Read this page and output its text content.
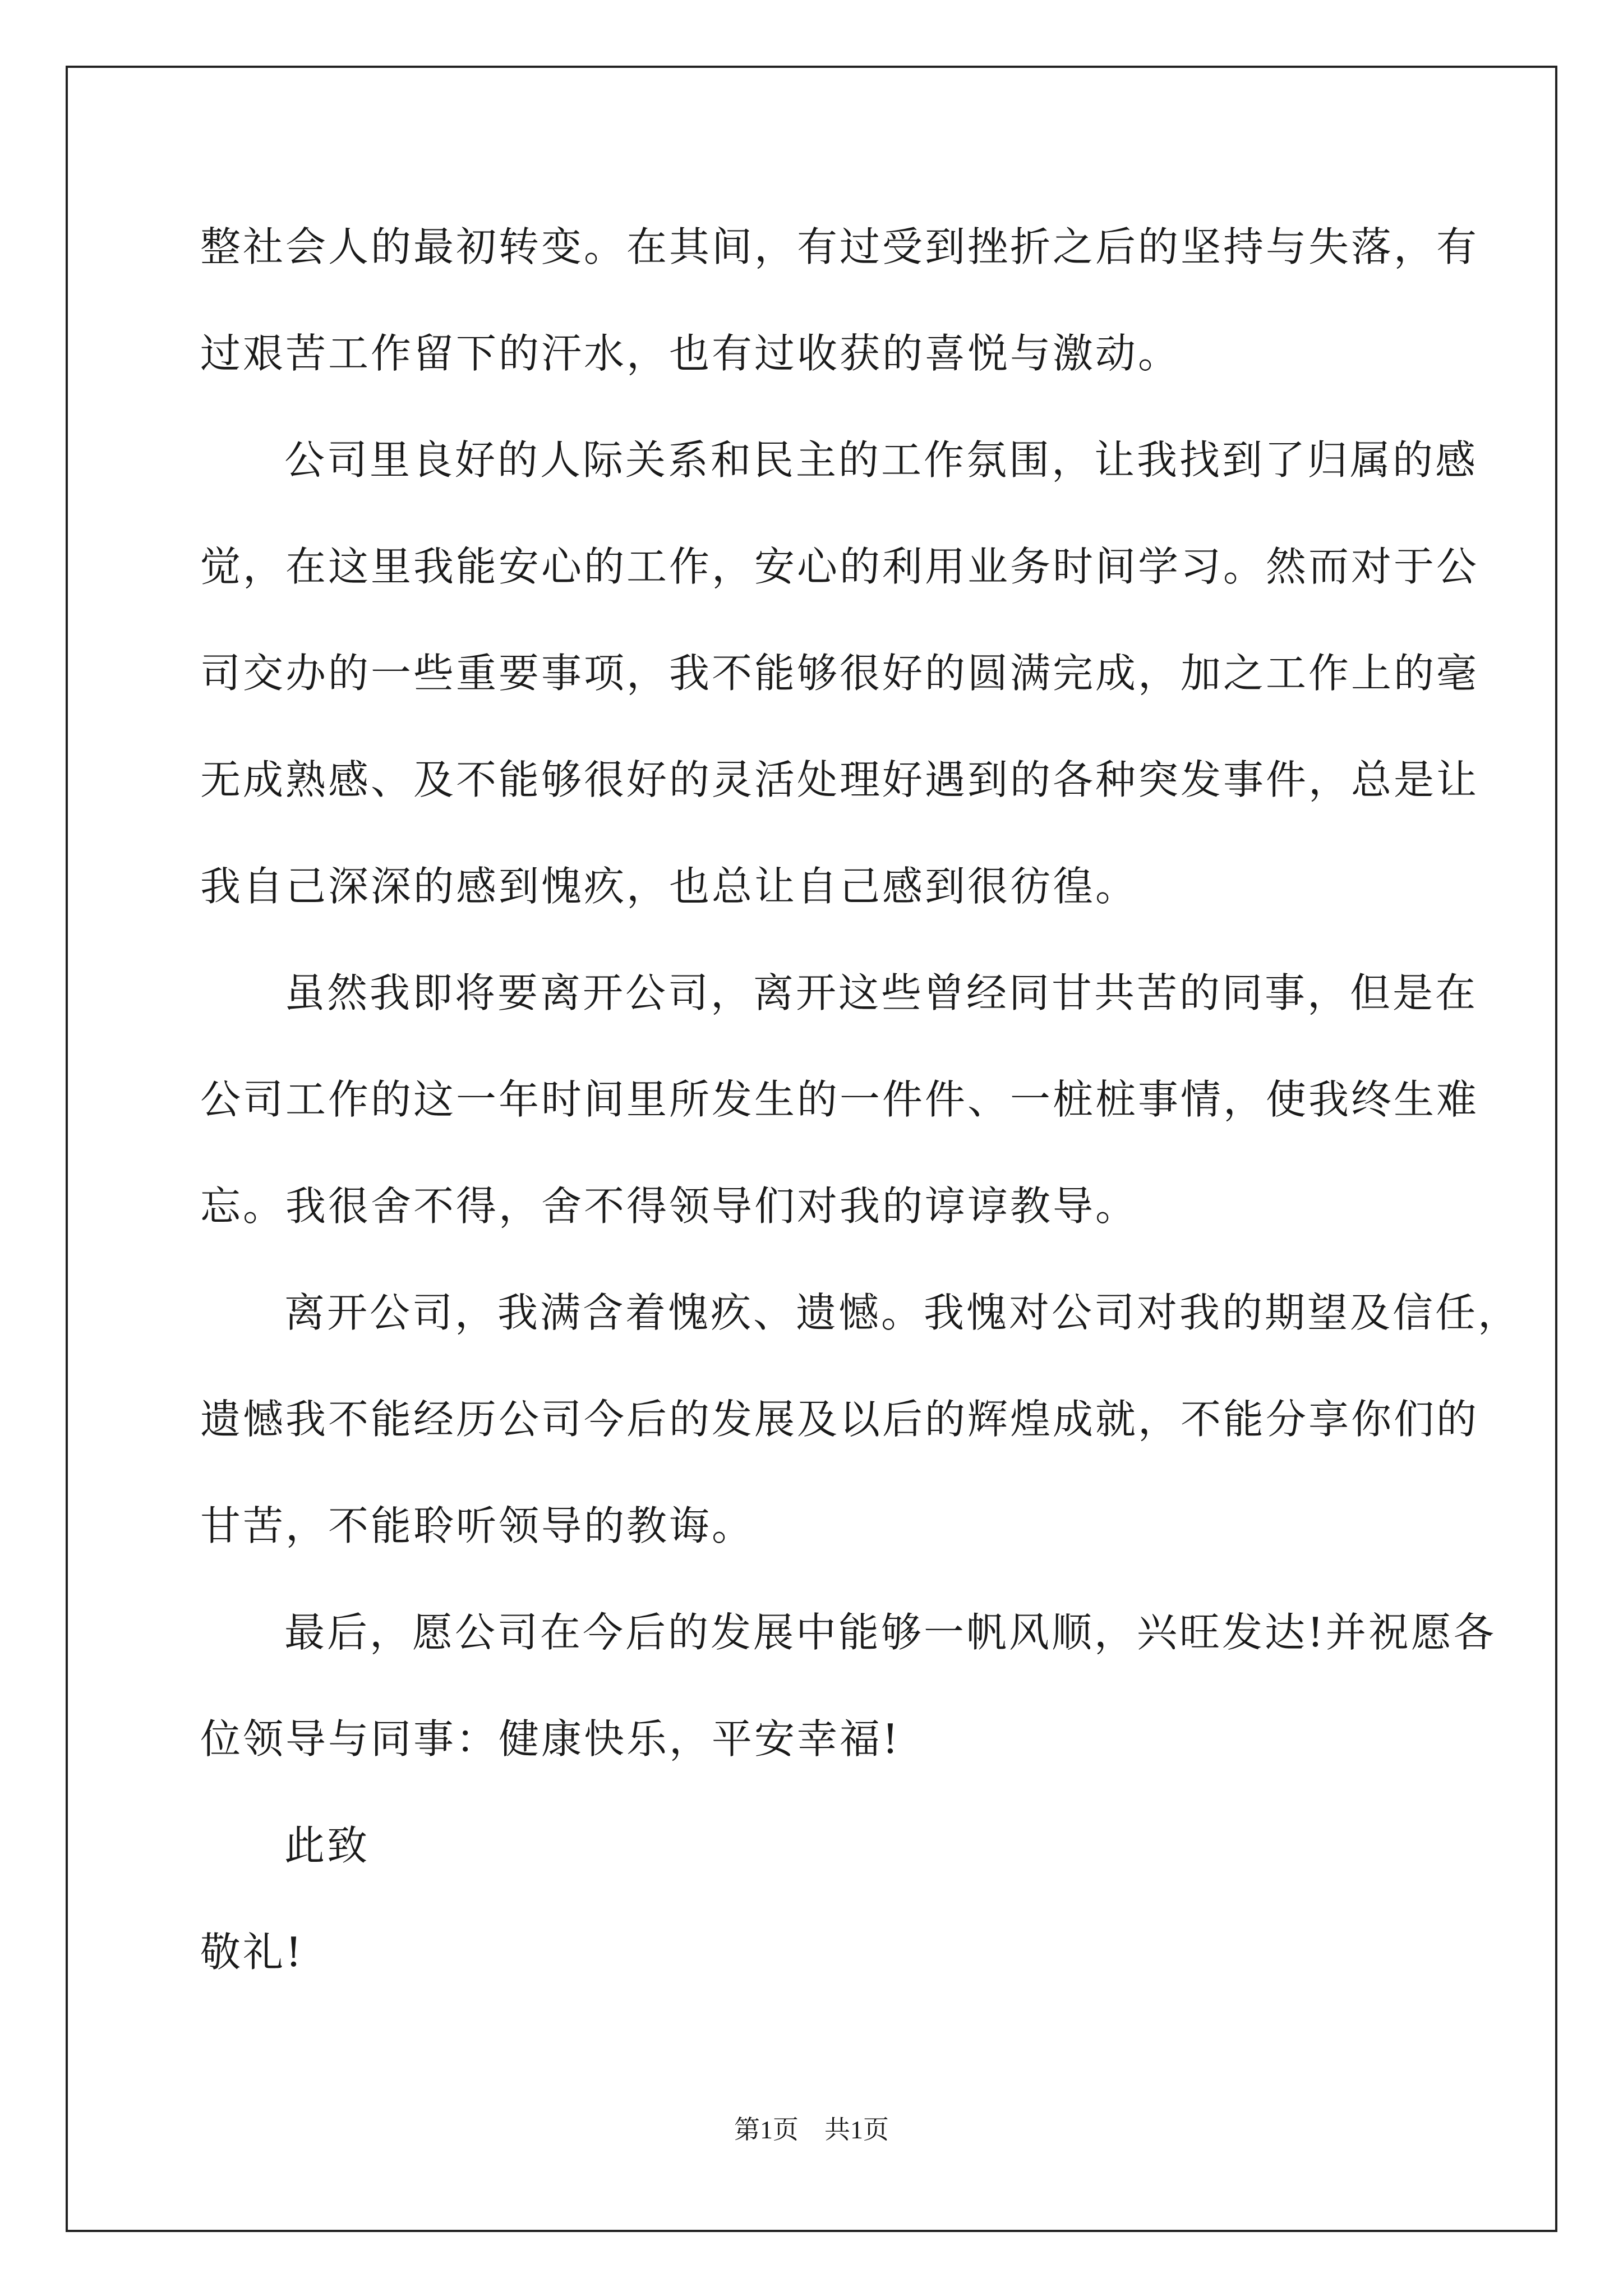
整社会人的最初转变。在其间，有过受到挫折之后的坚持与失落，有
过艰苦工作留下的汗水，也有过收获的喜悦与激动。
公司里良好的人际关系和民主的工作氛围，让我找到了归属的感
觉，在这里我能安心的工作，安心的利用业务时间学习。然而对于公
司交办的一些重要事项，我不能够很好的圆满完成，加之工作上的毫
无成熟感、及不能够很好的灵活处理好遇到的各种突发事件，总是让
我自己深深的感到愧疚，也总让自己感到很彷徨。
虽然我即将要离开公司，离开这些曾经同甘共苦的同事，但是在
公司工作的这一年时间里所发生的一件件、一桩桩事情，使我终生难
忘。我很舍不得，舍不得领导们对我的谆谆教导。
离开公司，我满含着愧疚、遗憾。我愧对公司对我的期望及信任，
遗憾我不能经历公司今后的发展及以后的辉煌成就，不能分享你们的
甘苦，不能聆听领导的教诲。
最后，愿公司在今后的发展中能够一帆风顺，兴旺发达!并祝愿各
位领导与同事：健康快乐，平安幸福!
此致
敬礼!
第1页　共1页
